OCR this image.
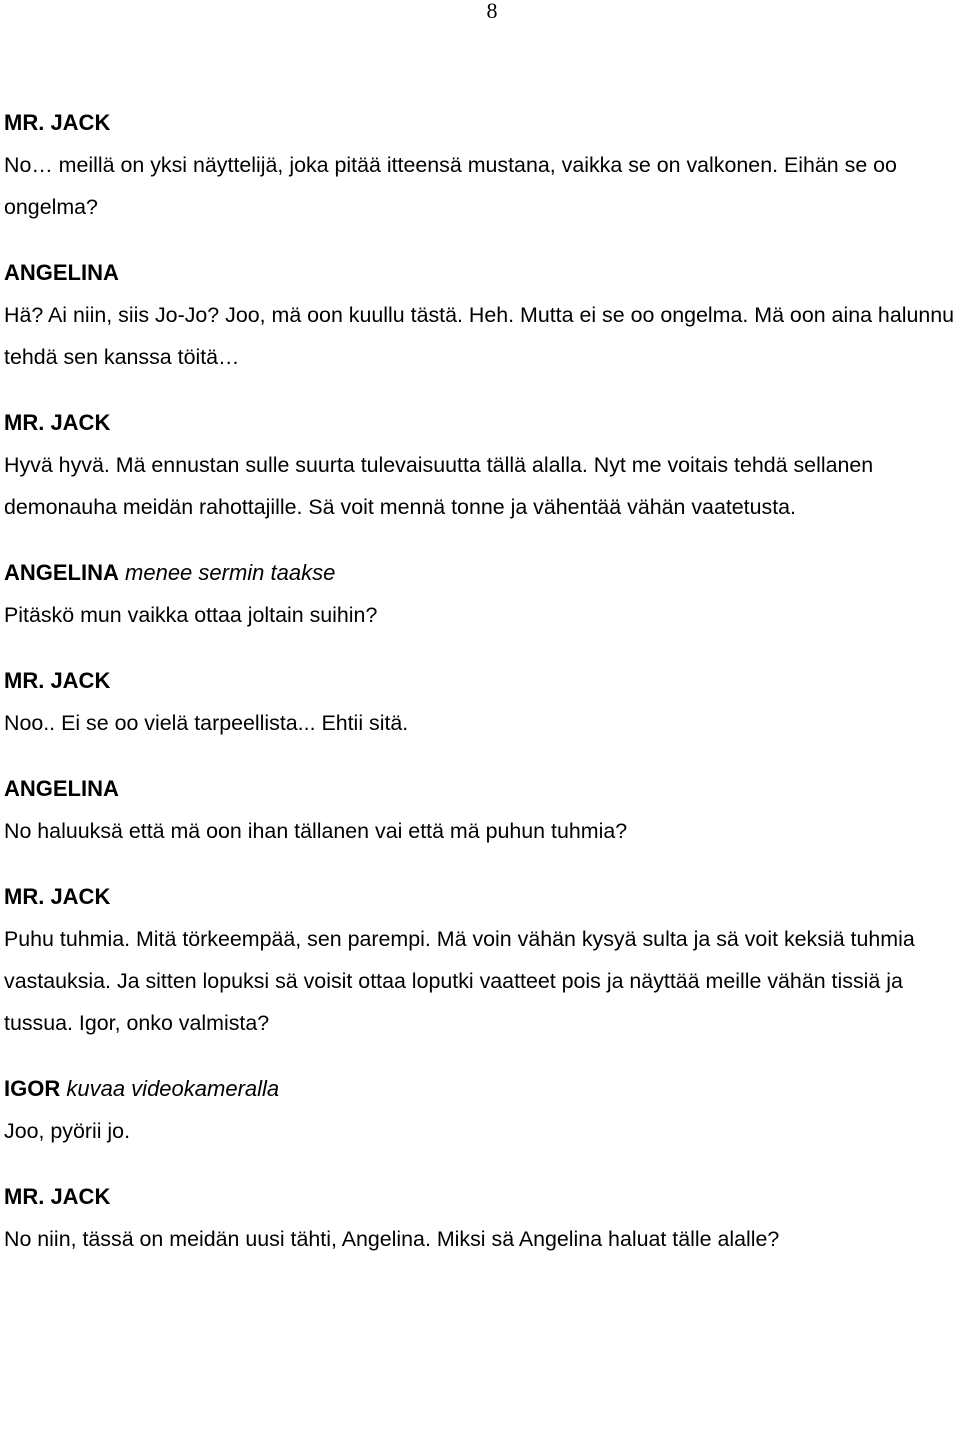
8
MR. JACK
No… meillä on yksi näyttelijä, joka pitää itteensä mustana, vaikka se on valkonen. Eihän se oo ongelma?
ANGELINA
Hä? Ai niin, siis Jo-Jo? Joo, mä oon kuullu tästä. Heh. Mutta ei se oo ongelma. Mä oon aina halunnu tehdä sen kanssa töitä…
MR. JACK
Hyvä hyvä. Mä ennustan sulle suurta tulevaisuutta tällä alalla. Nyt me voitais tehdä sellanen demonauha meidän rahottajille. Sä voit mennä tonne ja vähentää vähän vaatetusta.
ANGELINA menee sermin taakse
Pitäskö mun vaikka ottaa joltain suihin?
MR. JACK
Noo.. Ei se oo vielä tarpeellista... Ehtii sitä.
ANGELINA
No haluuksä että mä oon ihan tällanen vai että mä puhun tuhmia?
MR. JACK
Puhu tuhmia. Mitä törkeempää, sen parempi. Mä voin vähän kysyä sulta ja sä voit keksiä tuhmia vastauksia. Ja sitten lopuksi sä voisit ottaa loputki vaatteet pois ja näyttää meille vähän tissiä ja tussua. Igor, onko valmista?
IGOR kuvaa videokameralla
Joo, pyörii jo.
MR. JACK
No niin, tässä on meidän uusi tähti, Angelina. Miksi sä Angelina haluat tälle alalle?
